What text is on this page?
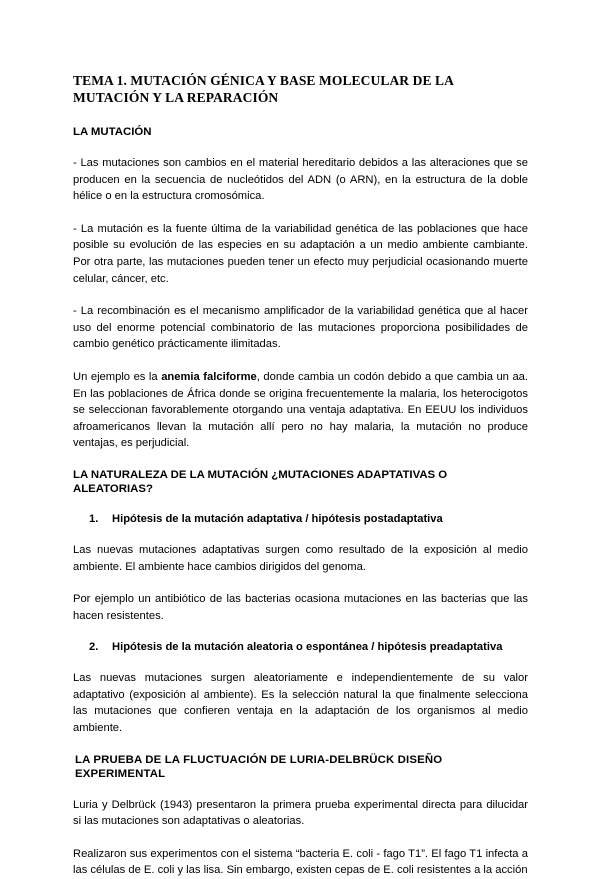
TEMA 1. MUTACIÓN GÉNICA Y BASE MOLECULAR DE LA MUTACIÓN Y LA REPARACIÓN
LA MUTACIÓN

- Las mutaciones son cambios en el material hereditario debidos a las alteraciones que se producen en la secuencia de nucleótidos del ADN (o ARN), en la estructura de la doble hélice o en la estructura cromosómica.

- La mutación es la fuente última de la variabilidad genética de las poblaciones que hace posible su evolución de las especies en su adaptación a un medio ambiente cambiante. Por otra parte, las mutaciones pueden tener un efecto muy perjudicial ocasionando muerte celular, cáncer, etc.

- La recombinación es el mecanismo amplificador de la variabilidad genética que al hacer uso del enorme potencial combinatorio de las mutaciones proporciona posibilidades de cambio genético prácticamente ilimitadas.

Un ejemplo es la anemia falciforme, donde cambia un codón debido a que cambia un aa. En las poblaciones de África donde se origina frecuentemente la malaria, los heterocigotos se seleccionan favorablemente otorgando una ventaja adaptativa. En EEUU los individuos afroamericanos llevan la mutación allí pero no hay malaria, la mutación no produce ventajas, es perjudicial.

LA NATURALEZA DE LA MUTACIÓN ¿MUTACIONES ADAPTATIVAS O ALEATORIAS?
1.	Hipótesis de la mutación adaptativa / hipótesis postadaptativa

Las nuevas mutaciones adaptativas surgen como resultado de la exposición al medio ambiente. El ambiente hace cambios dirigidos del genoma.

Por ejemplo un antibiótico de las bacterias ocasiona mutaciones en las bacterias que las hacen resistentes.

2.	Hipótesis de la mutación aleatoria o espontánea / hipótesis preadaptativa

Las nuevas mutaciones surgen aleatoriamente e independientemente de su valor adaptativo (exposición al ambiente). Es la selección natural la que finalmente selecciona las mutaciones que confieren ventaja en la adaptación de los organismos al medio ambiente.

LA PRUEBA DE LA FLUCTUACIÓN DE LURIA-DELBRÜCK DISEÑO EXPERIMENTAL

Luria y Delbrück (1943) presentaron la primera prueba experimental directa para dilucidar si las mutaciones son adaptativas o aleatorias.

Realizaron sus experimentos con el sistema “bacteria E. coli - fago T1”. El fago T1 infecta a las células de E. coli y las lisa. Sin embargo, existen cepas de E. coli resistentes a la acción
